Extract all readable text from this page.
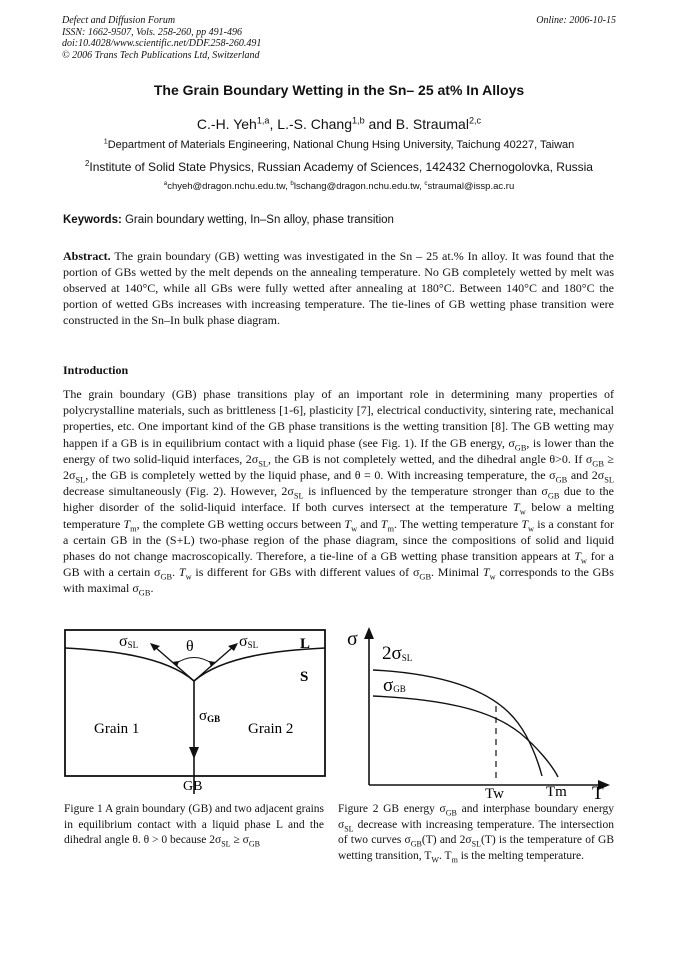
Defect and Diffusion Forum
ISSN: 1662-9507, Vols. 258-260, pp 491-496
doi:10.4028/www.scientific.net/DDF.258-260.491
© 2006 Trans Tech Publications Ltd, Switzerland
Online: 2006-10-15
The Grain Boundary Wetting in the Sn– 25 at% In Alloys
C.-H. Yeh$^{1,a}$, L.-S. Chang$^{1,b}$ and B. Straumal$^{2,c}$
$^1$Department of Materials Engineering, National Chung Hsing University, Taichung 40227, Taiwan
$^2$Institute of Solid State Physics, Russian Academy of Sciences, 142432 Chernogolovka, Russia
$^a$chyeh@dragon.nchu.edu.tw, $^b$lschang@dragon.nchu.edu.tw, $^c$straumal@issp.ac.ru
Keywords: Grain boundary wetting, In–Sn alloy, phase transition
Abstract. The grain boundary (GB) wetting was investigated in the Sn – 25 at.% In alloy. It was found that the portion of GBs wetted by the melt depends on the annealing temperature. No GB completely wetted by melt was observed at 140°C, while all GBs were fully wetted after annealing at 180°C. Between 140°C and 180°C the portion of wetted GBs increases with increasing temperature. The tie-lines of GB wetting phase transition were constructed in the Sn–In bulk phase diagram.
Introduction
The grain boundary (GB) phase transitions play of an important role in determining many properties of polycrystalline materials, such as brittleness [1-6], plasticity [7], electrical conductivity, sintering rate, mechanical properties, etc. One important kind of the GB phase transitions is the wetting transition [8]. The GB wetting may happen if a GB is in equilibrium contact with a liquid phase (see Fig. 1). If the GB energy, $\sigma_{GB}$, is lower than the energy of two solid-liquid interfaces, $2\sigma_{SL}$, the GB is not completely wetted, and the dihedral angle θ>0. If $\sigma_{GB} \ge 2\sigma_{SL}$, the GB is completely wetted by the liquid phase, and θ = 0. With increasing temperature, the $\sigma_{GB}$ and $2\sigma_{SL}$ decrease simultaneously (Fig. 2). However, $2\sigma_{SL}$ is influenced by the temperature stronger than $\sigma_{GB}$ due to the higher disorder of the solid-liquid interface. If both curves intersect at the temperature $T_w$ below a melting temperature $T_m$, the complete GB wetting occurs between $T_w$ and $T_m$. The wetting temperature $T_w$ is a constant for a certain GB in the (S+L) two-phase region of the phase diagram, since the compositions of solid and liquid phases do not change macroscopically. Therefore, a tie-line of a GB wetting phase transition appears at $T_w$ for a GB with a certain $\sigma_{GB}$. $T_w$ is different for GBs with different values of $\sigma_{GB}$. Minimal $T_w$ corresponds to the GBs with maximal $\sigma_{GB}$.
σSL	θ	σSL	L
S
σGB
Grain 1	Grain 2
GB
σ
2σSL
σGB
Tw	Tm T
Figure 1 A grain boundary (GB) and two adjacent grains in equilibrium contact with a liquid phase L and the dihedral angle θ. θ > 0 because $2\sigma_{SL} \ge \sigma_{GB}$
Figure 2 GB energy $\sigma_{GB}$ and interphase boundary energy $\sigma_{SL}$ decrease with increasing temperature. The intersection of two curves $\sigma_{GB}(T)$ and $2\sigma_{SL}(T)$ is the temperature of GB wetting transition, $T_W$. $T_m$ is the melting temperature.
